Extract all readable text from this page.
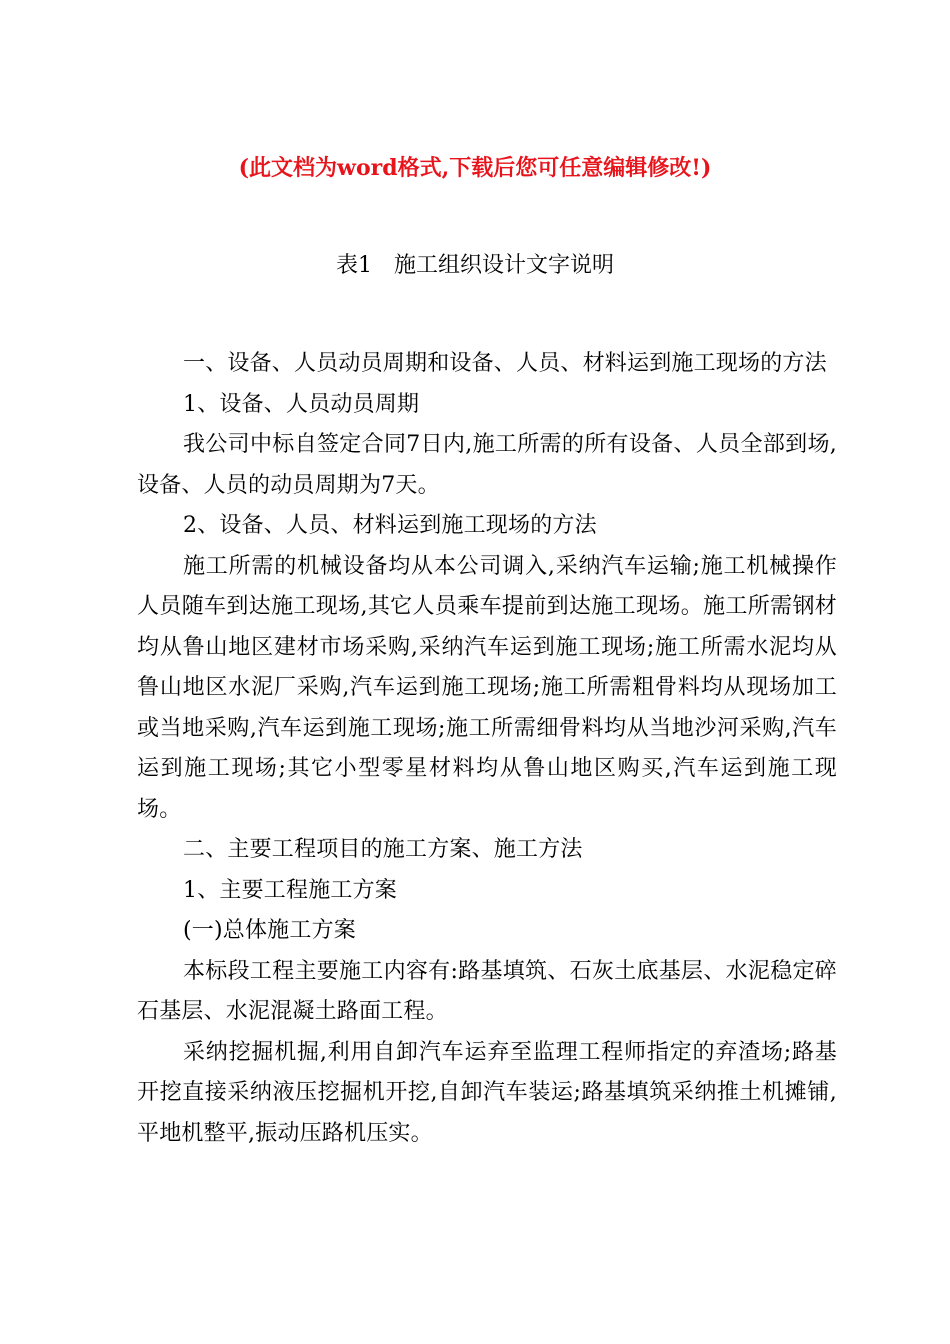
(此文档为word格式,下载后您可任意编辑修改!)
表1 施工组织设计文字说明

一、设备、人员动员周期和设备、人员、材料运到施工现场的方法

1、设备、人员动员周期

我公司中标自签定合同7日内,施工所需的所有设备、人员全部到场,设备、人员的动员周期为7天。

2、设备、人员、材料运到施工现场的方法

施工所需的机械设备均从本公司调入,采纳汽车运输;施工机械操作人员随车到达施工现场,其它人员乘车提前到达施工现场。施工所需钢材均从鲁山地区建材市场采购,采纳汽车运到施工现场;施工所需水泥均从鲁山地区水泥厂采购,汽车运到施工现场;施工所需粗骨料均从现场加工或当地采购,汽车运到施工现场;施工所需细骨料均从当地沙河采购,汽车运到施工现场;其它小型零星材料均从鲁山地区购买,汽车运到施工现场。

二、主要工程项目的施工方案、施工方法

1、主要工程施工方案

(一)总体施工方案

本标段工程主要施工内容有:路基填筑、石灰土底基层、水泥稳定碎石基层、水泥混凝土路面工程。

采纳挖掘机掘,利用自卸汽车运弃至监理工程师指定的弃渣场;路基开挖直接采纳液压挖掘机开挖,自卸汽车装运;路基填筑采纳推土机摊铺,平地机整平,振动压路机压实。
